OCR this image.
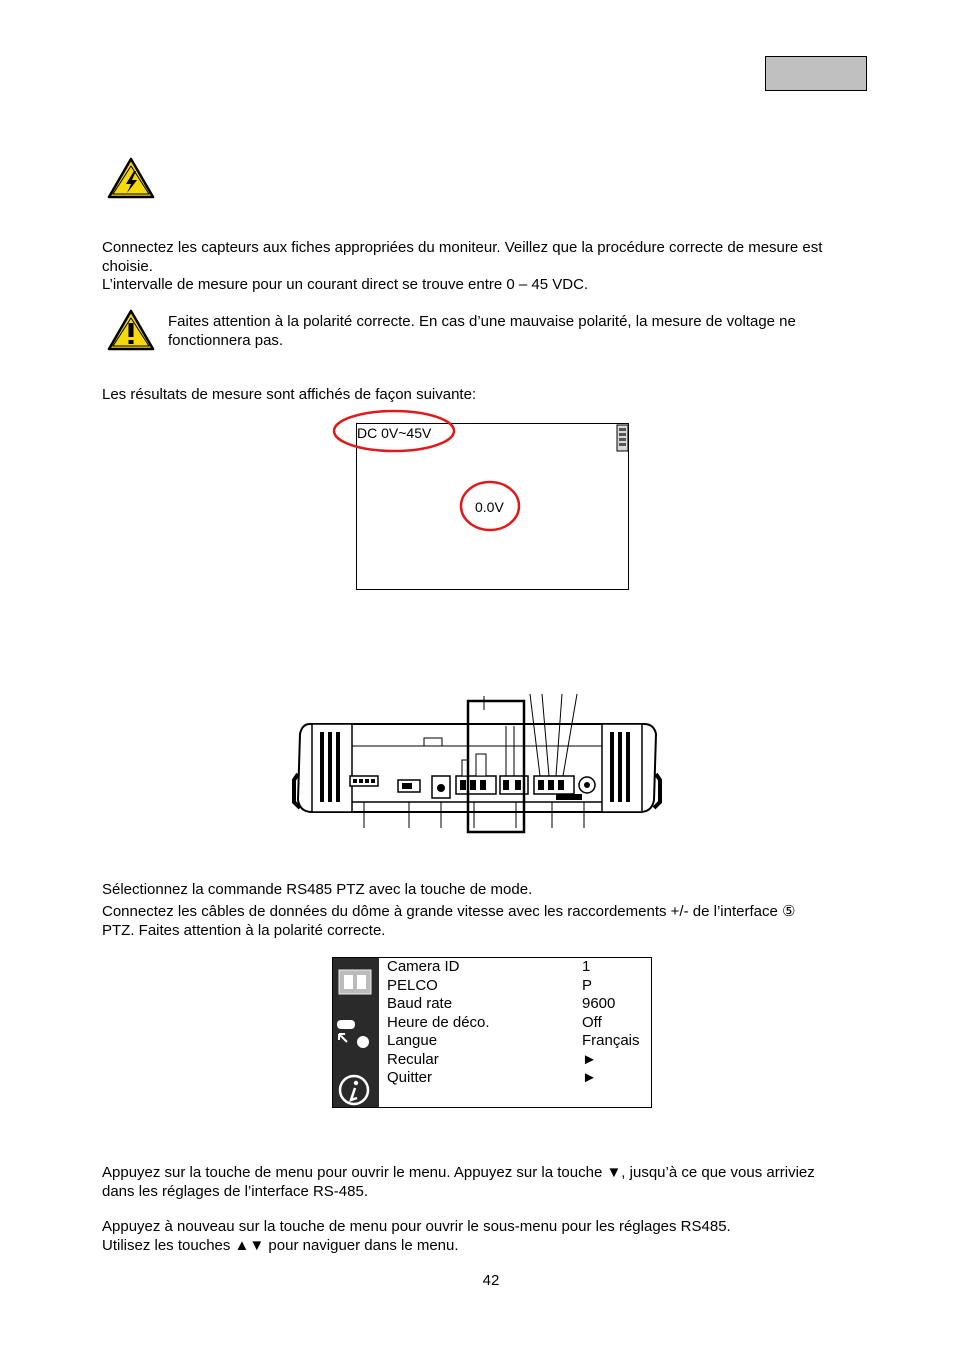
Connectez les capteurs aux fiches appropriées du moniteur. Veillez que la procédure correcte de mesure est
choisie.
L’intervalle de mesure pour un courant direct se trouve entre 0 – 45 VDC.
Faites attention à la polarité correcte. En cas d’une mauvaise polarité, la mesure de voltage ne
fonctionnera pas.
Les résultats de mesure sont affichés de façon suivante:
DC 0V~45V
0.0V
Sélectionnez la commande RS485 PTZ avec la touche de mode.
Connectez les câbles de données du dôme à grande vitesse avec les raccordements +/- de l’interface ⑤
PTZ. Faites attention à la polarité correcte.
Camera ID	1
PELCO	P
Baud rate	9600
Heure de déco.	Off
Langue	Français
Recular	►
Quitter	►
Appuyez sur la touche de menu pour ouvrir le menu. Appuyez sur la touche ▼, jusqu’à ce que vous arriviez
dans les réglages de l’interface RS-485.
Appuyez à nouveau sur la touche de menu pour ouvrir le sous-menu pour les réglages RS485.
Utilisez les touches ▲▼ pour naviguer dans le menu.
42
